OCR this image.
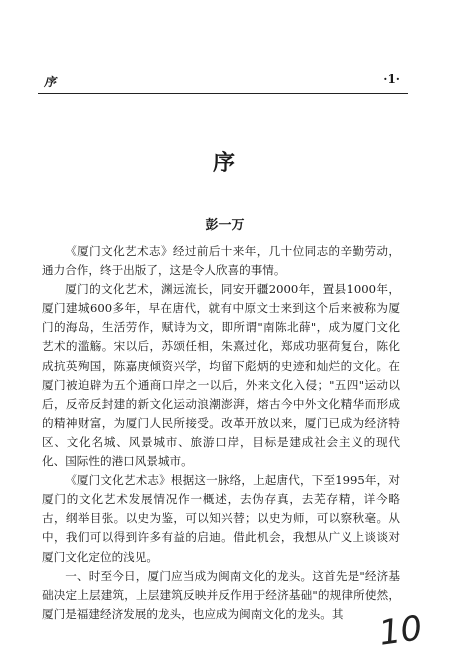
序	·1·
序
彭一万

《厦门文化艺术志》经过前后十来年，几十位同志的辛勤劳动，通力合作，终于出版了，这是令人欣喜的事情。

厦门的文化艺术，渊远流长，同安开疆2000年，置县1000年，厦门建城600多年，早在唐代，就有中原文士来到这个后来被称为厦门的海岛，生活劳作，赋诗为文，即所谓"南陈北薛"，成为厦门文化艺术的滥觞。宋以后，苏颂任相，朱熹过化，郑成功驱荷复台，陈化成抗英殉国，陈嘉庚倾资兴学，均留下彪炳的史迹和灿烂的文化。在厦门被迫辟为五个通商口岸之一以后，外来文化入侵；"五四"运动以后，反帝反封建的新文化运动浪潮澎湃，熔古今中外文化精华而形成的精神财富，为厦门人民所接受。改革开放以来，厦门已成为经济特区、文化名城、风景城市、旅游口岸，目标是建成社会主义的现代化、国际性的港口风景城市。

《厦门文化艺术志》根据这一脉络，上起唐代，下至1995年，对厦门的文化艺术发展情况作一概述，去伪存真，去芜存精，详今略古，纲举目张。以史为鉴，可以知兴替；以史为师，可以察秋毫。从中，我们可以得到许多有益的启迪。借此机会，我想从广义上谈谈对厦门文化定位的浅见。

一、时至今日，厦门应当成为闽南文化的龙头。这首先是"经济基础决定上层建筑，上层建筑反映并反作用于经济基础"的规律所使然，厦门是福建经济发展的龙头，也应成为闽南文化的龙头。其 10
